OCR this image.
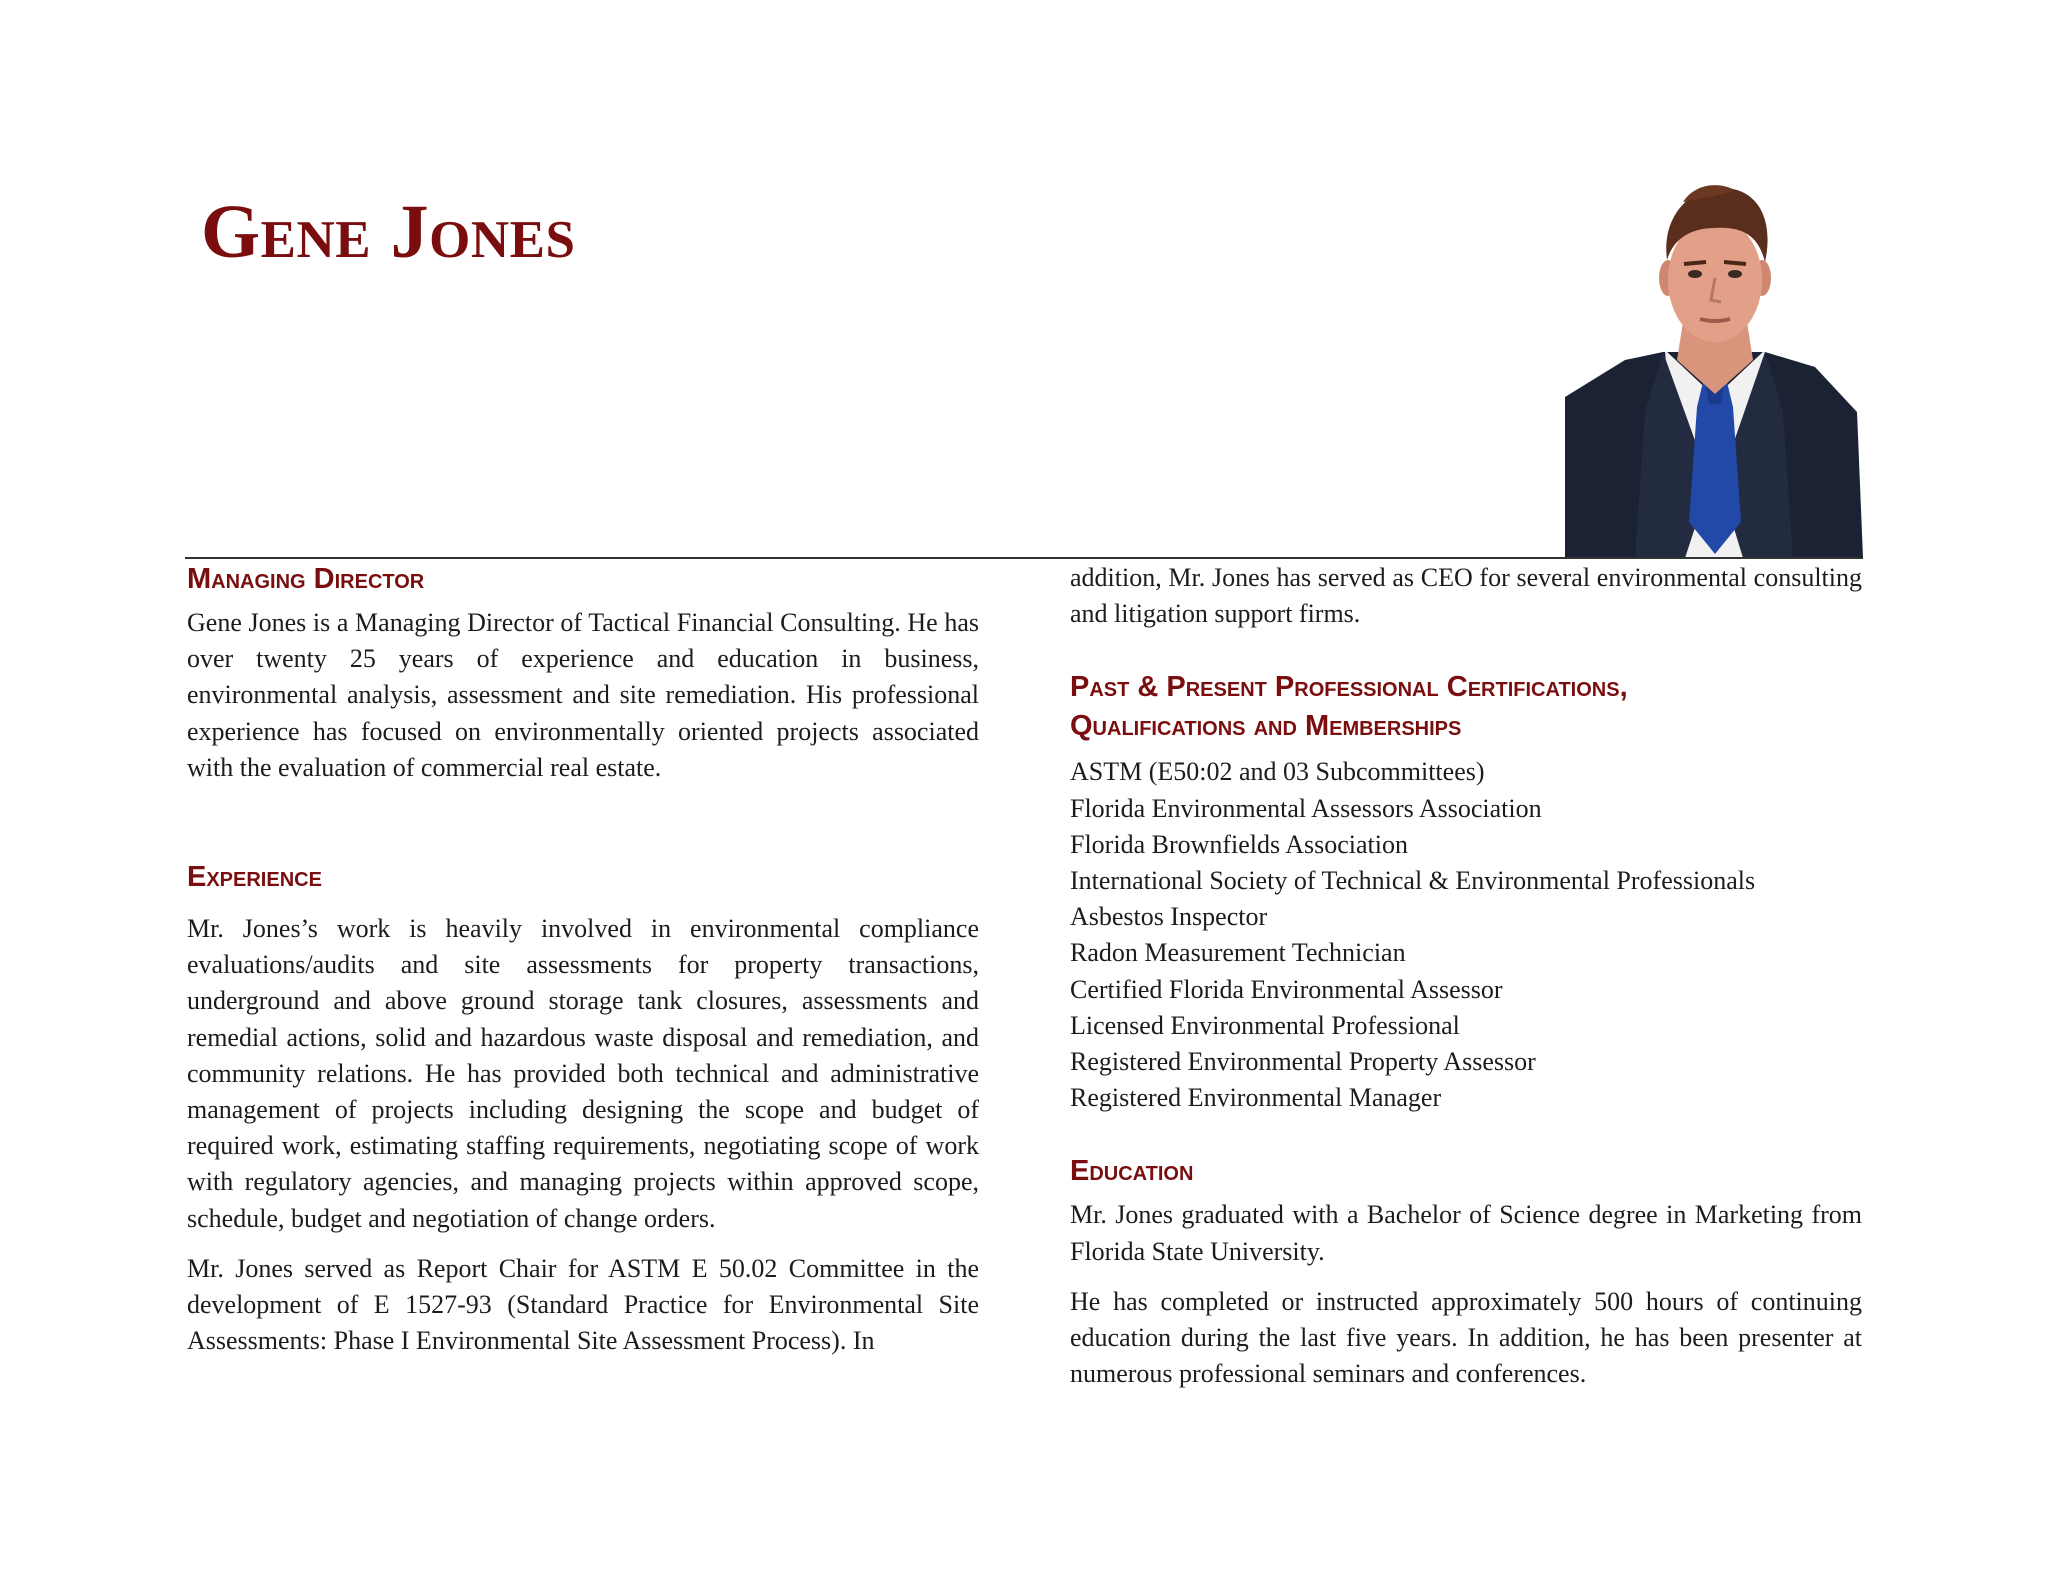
Gene Jones
Managing Director

Gene Jones is a Managing Director of Tactical Financial Consulting. He has over twenty 25 years of experience and education in business, environmental analysis, assessment and site remediation. His professional experience has focused on environmentally oriented projects associated with the evaluation of commercial real estate.

Experience

Mr. Jones’s work is heavily involved in environmental compliance evaluations/audits and site assessments for property transactions, underground and above ground storage tank closures, assessments and remedial actions, solid and hazardous waste disposal and remediation, and community relations. He has provided both technical and administrative management of projects including designing the scope and budget of required work, estimating staffing requirements, negotiating scope of work with regulatory agencies, and managing projects within approved scope, schedule, budget and negotiation of change orders.

Mr. Jones served as Report Chair for ASTM E 50.02 Committee in the development of E 1527-93 (Standard Practice for Environmental Site Assessments: Phase I Environmental Site Assessment Process). In

addition, Mr. Jones has served as CEO for several environmental consulting and litigation support firms.

Past & Present Professional Certifications,
Qualifications and Memberships
ASTM (E50:02 and 03 Subcommittees)
Florida Environmental Assessors Association
Florida Brownfields Association
International Society of Technical & Environmental Professionals
Asbestos Inspector
Radon Measurement Technician
Certified Florida Environmental Assessor
Licensed Environmental Professional
Registered Environmental Property Assessor
Registered Environmental Manager
Education

Mr. Jones graduated with a Bachelor of Science degree in Marketing from Florida State University.

He has completed or instructed approximately 500 hours of continuing education during the last five years. In addition, he has been presenter at numerous professional seminars and conferences.
